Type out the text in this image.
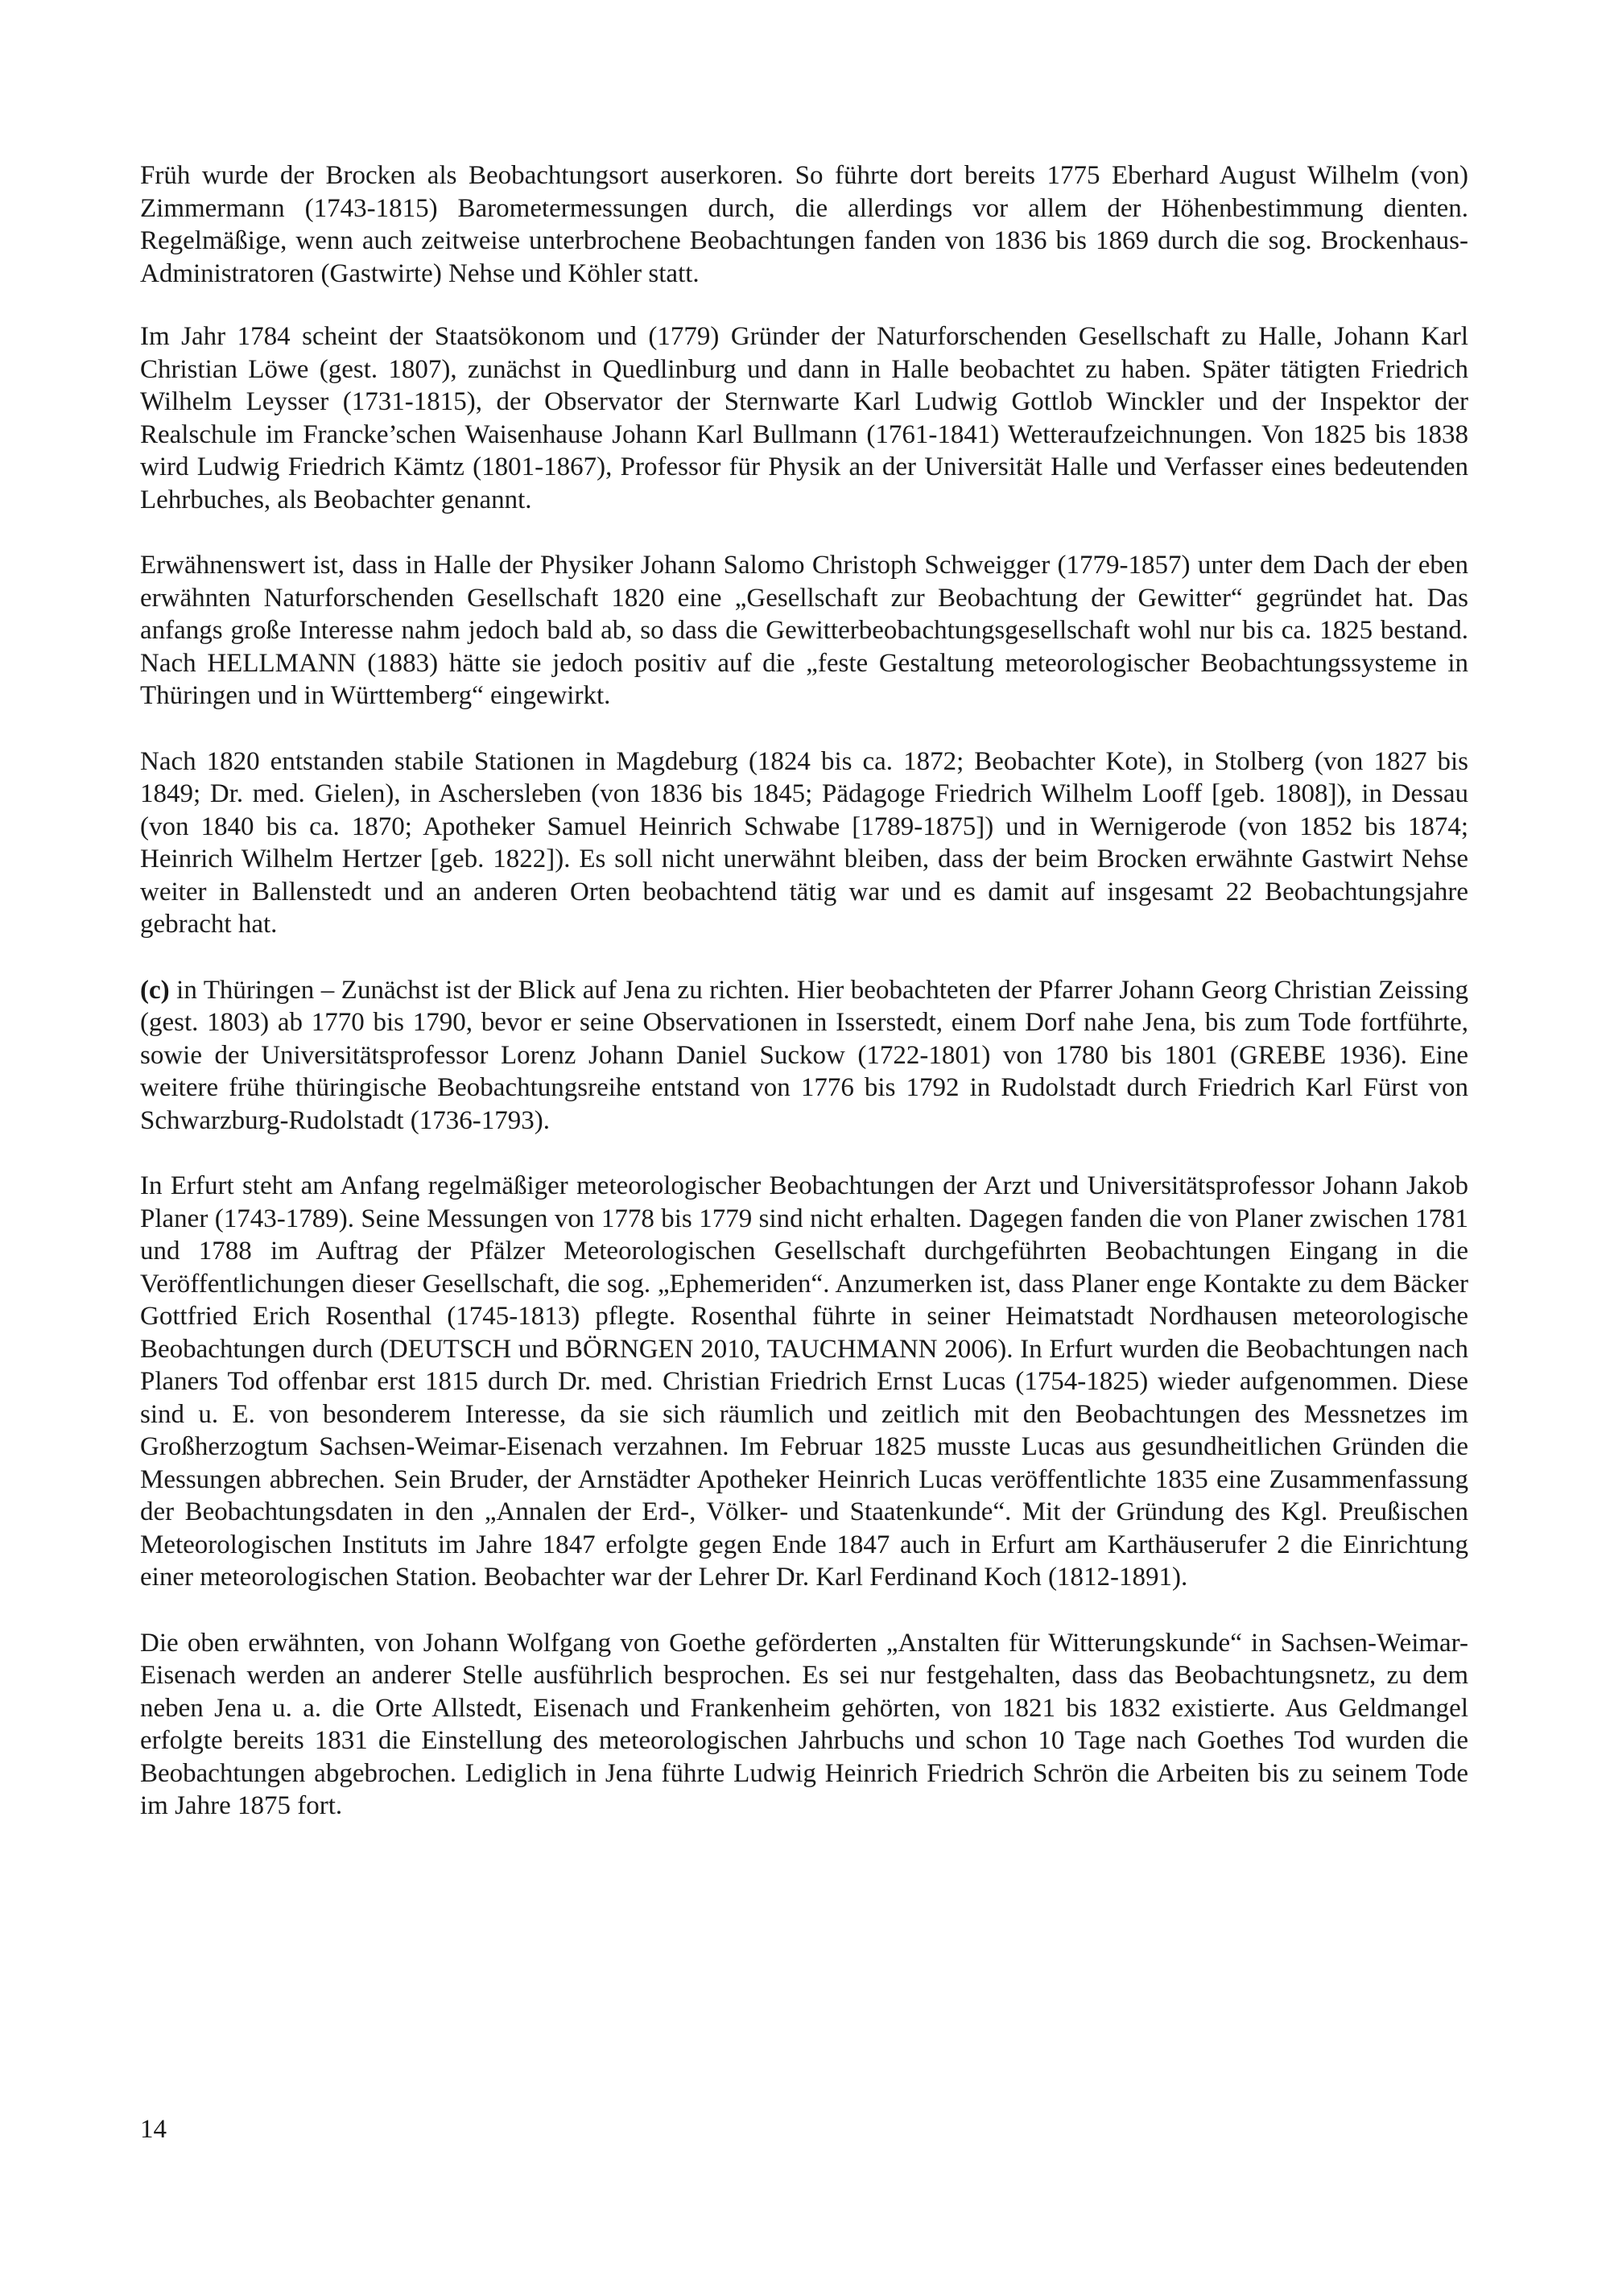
Früh wurde der Brocken als Beobachtungsort auserkoren. So führte dort bereits 1775 Eberhard August Wilhelm (von) Zimmermann (1743-1815) Barometermessungen durch, die allerdings vor allem der Höhenbestimmung dienten. Regelmäßige, wenn auch zeitweise unterbrochene Beobachtungen fanden von 1836 bis 1869 durch die sog. Brockenhaus-Administratoren (Gastwirte) Nehse und Köhler statt.

Im Jahr 1784 scheint der Staatsökonom und (1779) Gründer der Naturforschenden Gesellschaft zu Halle, Johann Karl Christian Löwe (gest. 1807), zunächst in Quedlinburg und dann in Halle beobachtet zu haben. Später tätigten Friedrich Wilhelm Leysser (1731-1815), der Observator der Sternwarte Karl Ludwig Gottlob Winckler und der Inspektor der Realschule im Francke’schen Waisenhause Johann Karl Bullmann (1761-1841) Wetteraufzeichnungen. Von 1825 bis 1838 wird Ludwig Friedrich Kämtz (1801-1867), Professor für Physik an der Universität Halle und Verfasser eines bedeutenden Lehrbuches, als Beobachter genannt.

Erwähnenswert ist, dass in Halle der Physiker Johann Salomo Christoph Schweigger (1779-1857) unter dem Dach der eben erwähnten Naturforschenden Gesellschaft 1820 eine „Gesellschaft zur Beobachtung der Gewitter“ gegründet hat. Das anfangs große Interesse nahm jedoch bald ab, so dass die Gewitterbeobachtungsgesellschaft wohl nur bis ca. 1825 bestand. Nach HELLMANN (1883) hätte sie jedoch positiv auf die „feste Gestaltung meteorologischer Beobachtungssysteme in Thüringen und in Württemberg“ eingewirkt.

Nach 1820 entstanden stabile Stationen in Magdeburg (1824 bis ca. 1872; Beobachter Kote), in Stolberg (von 1827 bis 1849; Dr. med. Gielen), in Aschersleben (von 1836 bis 1845; Pädagoge Friedrich Wilhelm Looff [geb. 1808]), in Dessau (von 1840 bis ca. 1870; Apotheker Samuel Heinrich Schwabe [1789-1875]) und in Wernigerode (von 1852 bis 1874; Heinrich Wilhelm Hertzer [geb. 1822]). Es soll nicht unerwähnt bleiben, dass der beim Brocken erwähnte Gastwirt Nehse weiter in Ballenstedt und an anderen Orten beobachtend tätig war und es damit auf insgesamt 22 Beobachtungsjahre gebracht hat.

(c) in Thüringen – Zunächst ist der Blick auf Jena zu richten. Hier beobachteten der Pfarrer Johann Georg Christian Zeissing (gest. 1803) ab 1770 bis 1790, bevor er seine Observationen in Isserstedt, einem Dorf nahe Jena, bis zum Tode fortführte, sowie der Universitätsprofessor Lorenz Johann Daniel Suckow (1722-1801) von 1780 bis 1801 (GREBE 1936). Eine weitere frühe thüringische Beobachtungsreihe entstand von 1776 bis 1792 in Rudolstadt durch Friedrich Karl Fürst von Schwarzburg-Rudolstadt (1736-1793).

In Erfurt steht am Anfang regelmäßiger meteorologischer Beobachtungen der Arzt und Universitätsprofessor Johann Jakob Planer (1743-1789). Seine Messungen von 1778 bis 1779 sind nicht erhalten. Dagegen fanden die von Planer zwischen 1781 und 1788 im Auftrag der Pfälzer Meteorologischen Gesellschaft durchgeführten Beobachtungen Eingang in die Veröffentlichungen dieser Gesellschaft, die sog. „Ephemeriden“. Anzumerken ist, dass Planer enge Kontakte zu dem Bäcker Gottfried Erich Rosenthal (1745-1813) pflegte. Rosenthal führte in seiner Heimatstadt Nordhausen meteorologische Beobachtungen durch (DEUTSCH und BÖRNGEN 2010, TAUCHMANN 2006). In Erfurt wurden die Beobachtungen nach Planers Tod offenbar erst 1815 durch Dr. med. Christian Friedrich Ernst Lucas (1754-1825) wieder aufgenommen. Diese sind u. E. von besonderem Interesse, da sie sich räumlich und zeitlich mit den Beobachtungen des Messnetzes im Großherzogtum Sachsen-Weimar-Eisenach verzahnen. Im Februar 1825 musste Lucas aus gesundheitlichen Gründen die Messungen abbrechen. Sein Bruder, der Arnstädter Apotheker Heinrich Lucas veröffentlichte 1835 eine Zusammenfassung der Beobachtungsdaten in den „Annalen der Erd-, Völker- und Staatenkunde“. Mit der Gründung des Kgl. Preußischen Meteorologischen Instituts im Jahre 1847 erfolgte gegen Ende 1847 auch in Erfurt am Karthäuserufer 2 die Einrichtung einer meteorologischen Station. Beobachter war der Lehrer Dr. Karl Ferdinand Koch (1812-1891).

Die oben erwähnten, von Johann Wolfgang von Goethe geförderten „Anstalten für Witterungskunde“ in Sachsen-Weimar-Eisenach werden an anderer Stelle ausführlich besprochen. Es sei nur festgehalten, dass das Beobachtungsnetz, zu dem neben Jena u. a. die Orte Allstedt, Eisenach und Frankenheim gehörten, von 1821 bis 1832 existierte. Aus Geldmangel erfolgte bereits 1831 die Einstellung des meteorologischen Jahrbuchs und schon 10 Tage nach Goethes Tod wurden die Beobachtungen abgebrochen. Lediglich in Jena führte Ludwig Heinrich Friedrich Schrön die Arbeiten bis zu seinem Tode im Jahre 1875 fort.

14
